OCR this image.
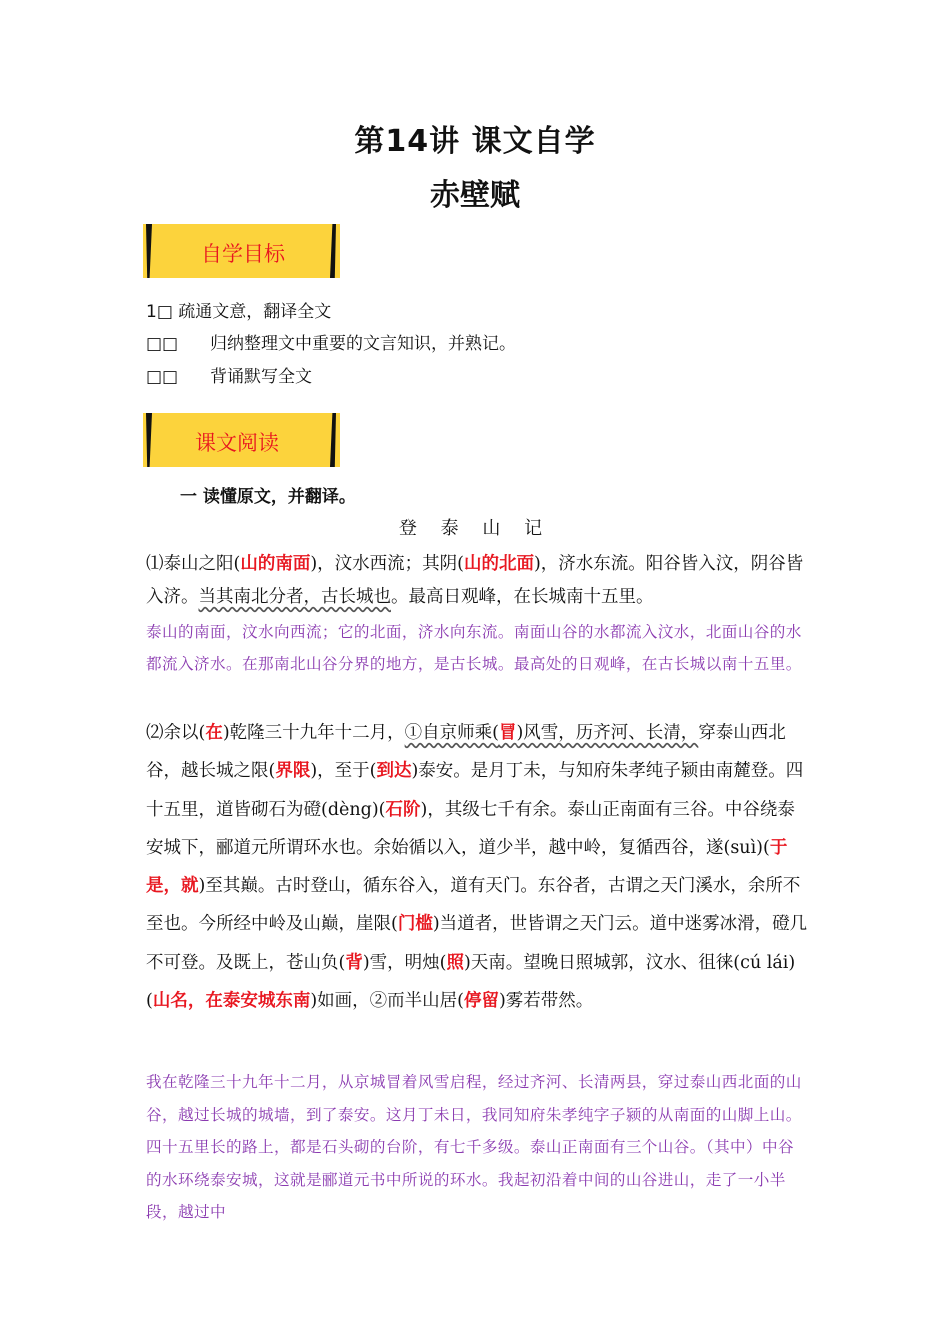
第14讲 课文自学
赤壁赋
自学目标
1□ 疏通文意，翻译全文
□□ 归纳整理文中重要的文言知识，并熟记。
□□ 背诵默写全文
课文阅读
一 读懂原文，并翻译。
登 泰 山 记

⑴泰山之阳(山的南面)，汶水西流；其阴(山的北面)，济水东流。阳谷皆入汶，阴谷皆入济。当其南北分者，古长城也。最高日观峰，在长城南十五里。

泰山的南面，汶水向西流；它的北面，济水向东流。南面山谷的水都流入汶水，北面山谷的水都流入济水。在那南北山谷分界的地方，是古长城。最高处的日观峰，在古长城以南十五里。

⑵余以(在)乾隆三十九年十二月，①自京师乘(冒)风雪，历齐河、长清，穿泰山西北谷，越长城之限(界限)，至于(到达)泰安。是月丁未，与知府朱孝纯子颍由南麓登。四十五里，道皆砌石为磴(dèng)(石阶)，其级七千有余。泰山正南面有三谷。中谷绕泰安城下，郦道元所谓环水也。余始循以入，道少半，越中岭，复循西谷，遂(suì)(于是，就)至其巅。古时登山，循东谷入，道有天门。东谷者，古谓之天门溪水，余所不至也。今所经中岭及山巅，崖限(门槛)当道者，世皆谓之天门云。道中迷雾冰滑，磴几不可登。及既上，苍山负(背)雪，明烛(照)天南。望晚日照城郭，汶水、徂徕(cú lái)(山名，在泰安城东南)如画，②而半山居(停留)雾若带然。

我在乾隆三十九年十二月，从京城冒着风雪启程，经过齐河、长清两县，穿过泰山西北面的山谷，越过长城的城墙，到了泰安。这月丁未日，我同知府朱孝纯字子颍的从南面的山脚上山。四十五里长的路上，都是石头砌的台阶，有七千多级。泰山正南面有三个山谷。（其中）中谷的水环绕泰安城，这就是郦道元书中所说的环水。我起初沿着中间的山谷进山，走了一小半段，越过中
